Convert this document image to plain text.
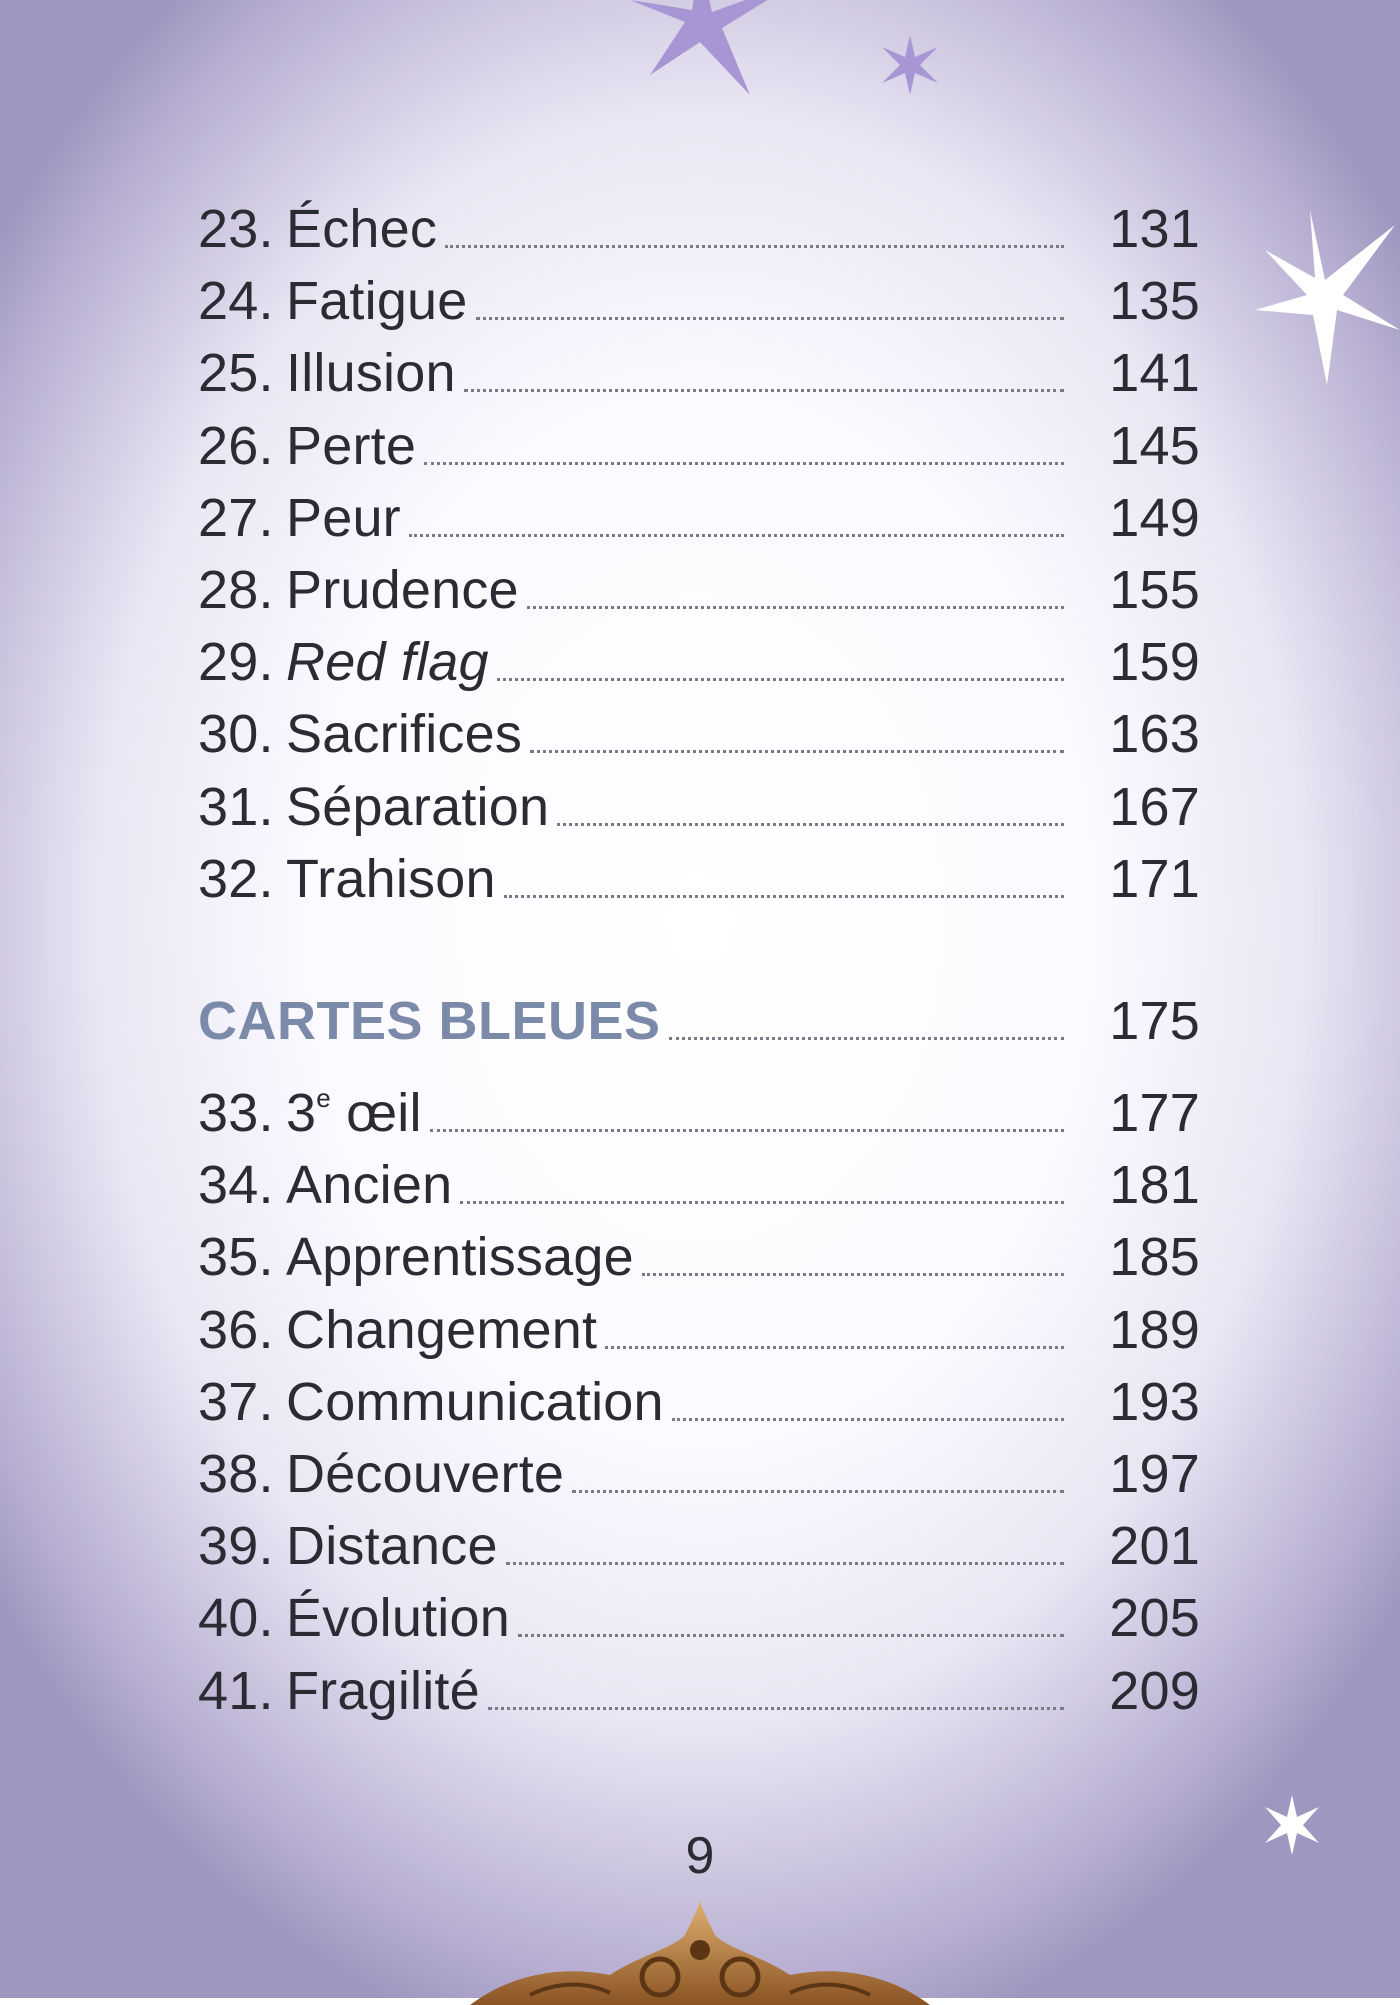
23. Échec	131
24. Fatigue	135
25. Illusion	141
26. Perte	145
27. Peur	149
28. Prudence	155
29. Red flag	159
30. Sacrifices	163
31. Séparation	167
32. Trahison	171
CARTES BLEUES	175
33. 3e œil	177
34. Ancien	181
35. Apprentissage	185
36. Changement	189
37. Communication	193
38. Découverte	197
39. Distance	201
40. Évolution	205
41. Fragilité	209
9
